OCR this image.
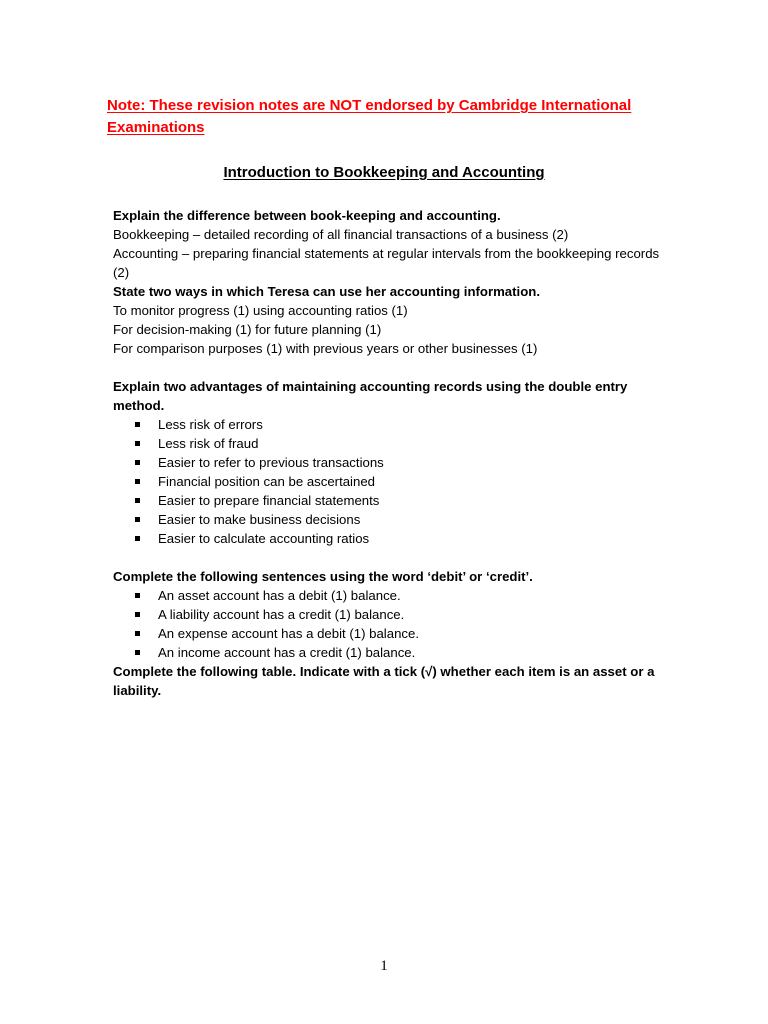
Note: These revision notes are NOT endorsed by Cambridge International Examinations
Introduction to Bookkeeping and Accounting

Explain the difference between book-keeping and accounting.

Bookkeeping – detailed recording of all financial transactions of a business (2)

Accounting – preparing financial statements at regular intervals from the bookkeeping records (2)

State two ways in which Teresa can use her accounting information.

To monitor progress (1) using accounting ratios (1)

For decision-making (1) for future planning (1)

For comparison purposes (1) with previous years or other businesses (1)

Explain two advantages of maintaining accounting records using the double entry method.

Less risk of errors
Less risk of fraud
Easier to refer to previous transactions
Financial position can be ascertained
Easier to prepare financial statements
Easier to make business decisions
Easier to calculate accounting ratios

Complete the following sentences using the word ‘debit’ or ‘credit’.

An asset account has a debit (1) balance.
A liability account has a credit (1) balance.
An expense account has a debit (1) balance.
An income account has a credit (1) balance.

Complete the following table. Indicate with a tick (√) whether each item is an asset or a liability.

1
